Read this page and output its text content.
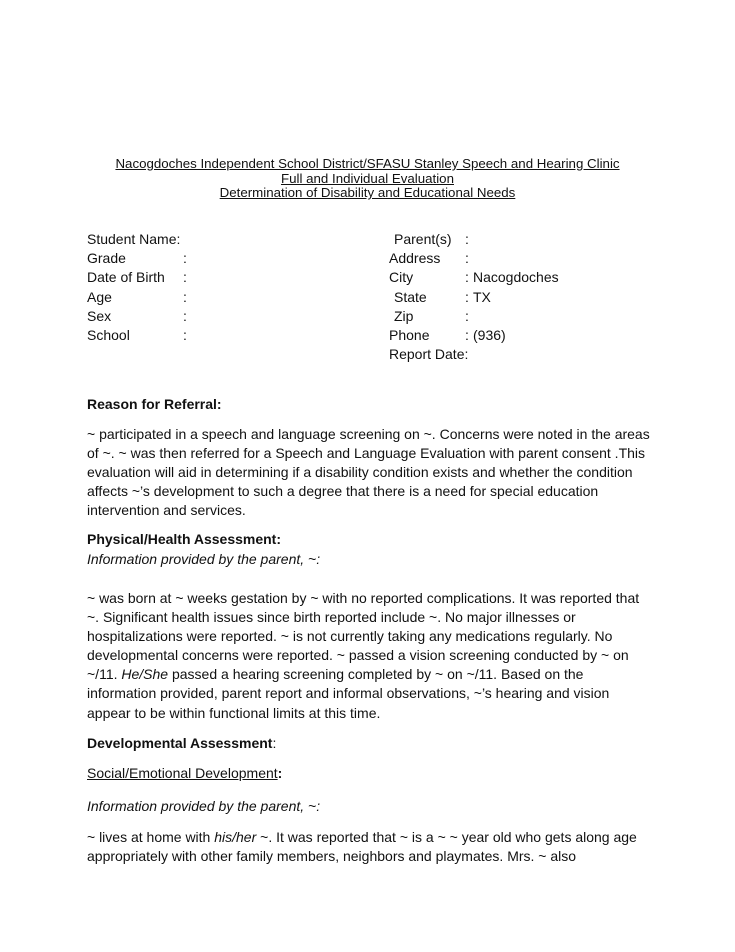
Nacogdoches Independent School District/SFASU Stanley Speech and Hearing Clinic
Full and Individual Evaluation
Determination of Disability and Educational Needs
Student Name:
Grade	:
Date of Birth :
Age	:
Sex	:
School	:
Parent(s) :
Address :
City	: Nacogdoches
State	: TX
Zip	:
Phone	: (936)
Report Date:
Reason for Referral:
~ participated in a speech and language screening on ~. Concerns were noted in the areas of ~. ~ was then referred for a Speech and Language Evaluation with parent consent .This evaluation will aid in determining if a disability condition exists and whether the condition affects ~’s development to such a degree that there is a need for special education intervention and services.
Physical/Health Assessment:
Information provided by the parent, ~:
~ was born at ~ weeks gestation by ~ with no reported complications. It was reported that ~. Significant health issues since birth reported include ~. No major illnesses or hospitalizations were reported. ~ is not currently taking any medications regularly. No developmental concerns were reported. ~ passed a vision screening conducted by ~ on ~/11. He/She passed a hearing screening completed by ~ on ~/11. Based on the information provided, parent report and informal observations, ~’s hearing and vision appear to be within functional limits at this time.
Developmental Assessment:
Social/Emotional Development:
Information provided by the parent, ~:
~ lives at home with his/her ~. It was reported that ~ is a ~ ~ year old who gets along age appropriately with other family members, neighbors and playmates. Mrs. ~ also
